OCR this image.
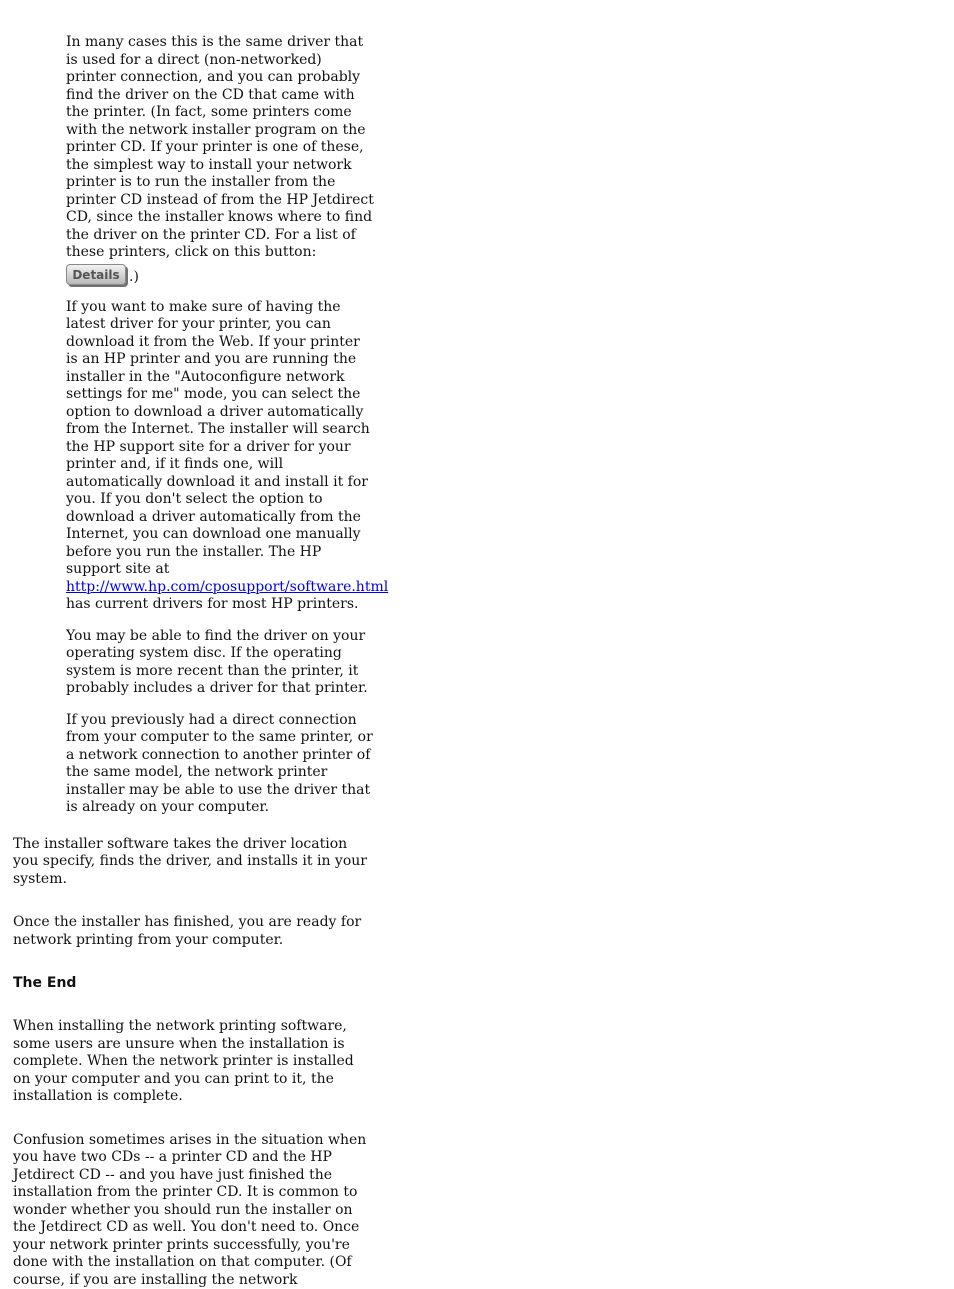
In many cases this is the same driver that is used for a direct (non-networked) printer connection, and you can probably find the driver on the CD that came with the printer. (In fact, some printers come with the network installer program on the printer CD. If your printer is one of these, the simplest way to install your network printer is to run the installer from the printer CD instead of from the HP Jetdirect CD, since the installer knows where to find the driver on the printer CD. For a list of these printers, click on this button:

Details .)

If you want to make sure of having the latest driver for your printer, you can download it from the Web. If your printer is an HP printer and you are running the installer in the "Autoconfigure network settings for me" mode, you can select the option to download a driver automatically from the Internet. The installer will search the HP support site for a driver for your printer and, if it finds one, will automatically download it and install it for you. If you don't select the option to download a driver automatically from the Internet, you can download one manually before you run the installer. The HP support site at
http://www.hp.com/cposupport/software.html
has current drivers for most HP printers.

You may be able to find the driver on your operating system disc. If the operating system is more recent than the printer, it probably includes a driver for that printer.

If you previously had a direct connection from your computer to the same printer, or a network connection to another printer of the same model, the network printer installer may be able to use the driver that is already on your computer.

The installer software takes the driver location you specify, finds the driver, and installs it in your system.

Once the installer has finished, you are ready for network printing from your computer.

The End

When installing the network printing software, some users are unsure when the installation is complete. When the network printer is installed on your computer and you can print to it, the installation is complete.

Confusion sometimes arises in the situation when you have two CDs -- a printer CD and the HP Jetdirect CD -- and you have just finished the installation from the printer CD. It is common to wonder whether you should run the installer on the Jetdirect CD as well. You don't need to. Once your network printer prints successfully, you're done with the installation on that computer. (Of course, if you are installing the network
